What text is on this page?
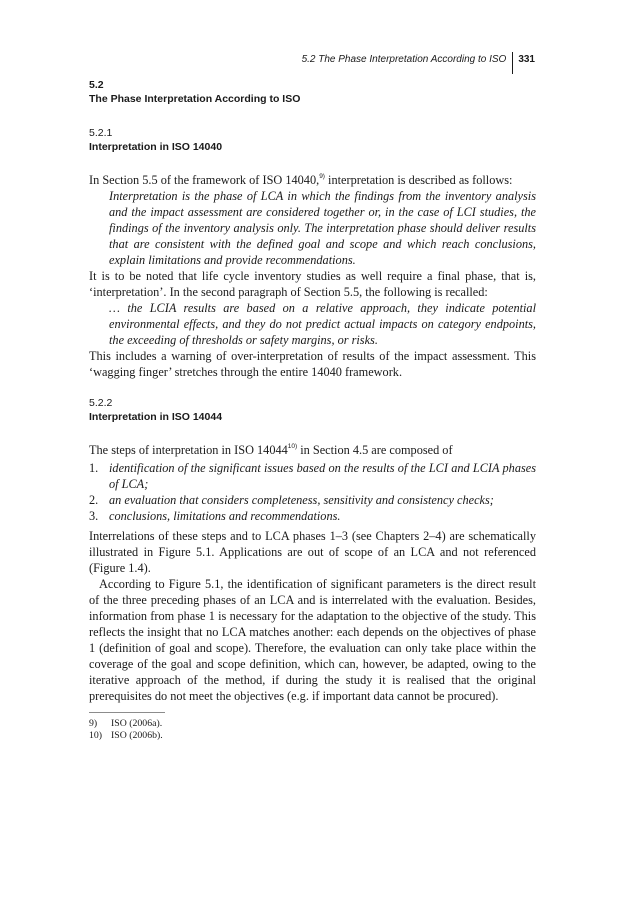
5.2 The Phase Interpretation According to ISO 331
5.2
The Phase Interpretation According to ISO
5.2.1
Interpretation in ISO 14040

In Section 5.5 of the framework of ISO 14040,$^{9)}$ interpretation is described as follows:

Interpretation is the phase of LCA in which the findings from the inventory analysis and the impact assessment are considered together or, in the case of LCI studies, the findings of the inventory analysis only. The interpretation phase should deliver results that are consistent with the defined goal and scope and which reach conclusions, explain limitations and provide recommendations.

It is to be noted that life cycle inventory studies as well require a final phase, that is, ‘interpretation’. In the second paragraph of Section 5.5, the following is recalled:

… the LCIA results are based on a relative approach, they indicate potential environmental effects, and they do not predict actual impacts on category endpoints, the exceeding of thresholds or safety margins, or risks.

This includes a warning of over-interpretation of results of the impact assessment. This ‘wagging finger’ stretches through the entire 14040 framework.

5.2.2
Interpretation in ISO 14044

The steps of interpretation in ISO 14044$^{10)}$ in Section 4.5 are composed of

1. identification of the significant issues based on the results of the LCI and LCIA phases of LCA;
2. an evaluation that considers completeness, sensitivity and consistency checks;
3. conclusions, limitations and recommendations.

Interrelations of these steps and to LCA phases 1–3 (see Chapters 2–4) are schematically illustrated in Figure 5.1. Applications are out of scope of an LCA and not referenced (Figure 1.4).

According to Figure 5.1, the identification of significant parameters is the direct result of the three preceding phases of an LCA and is interrelated with the evaluation. Besides, information from phase 1 is necessary for the adaptation to the objective of the study. This reflects the insight that no LCA matches another: each depends on the objectives of phase 1 (definition of goal and scope). Therefore, the evaluation can only take place within the coverage of the goal and scope definition, which can, however, be adapted, owing to the iterative approach of the method, if during the study it is realised that the original prerequisites do not meet the objectives (e.g. if important data cannot be procured).

9)	ISO (2006a).
10) ISO (2006b).
